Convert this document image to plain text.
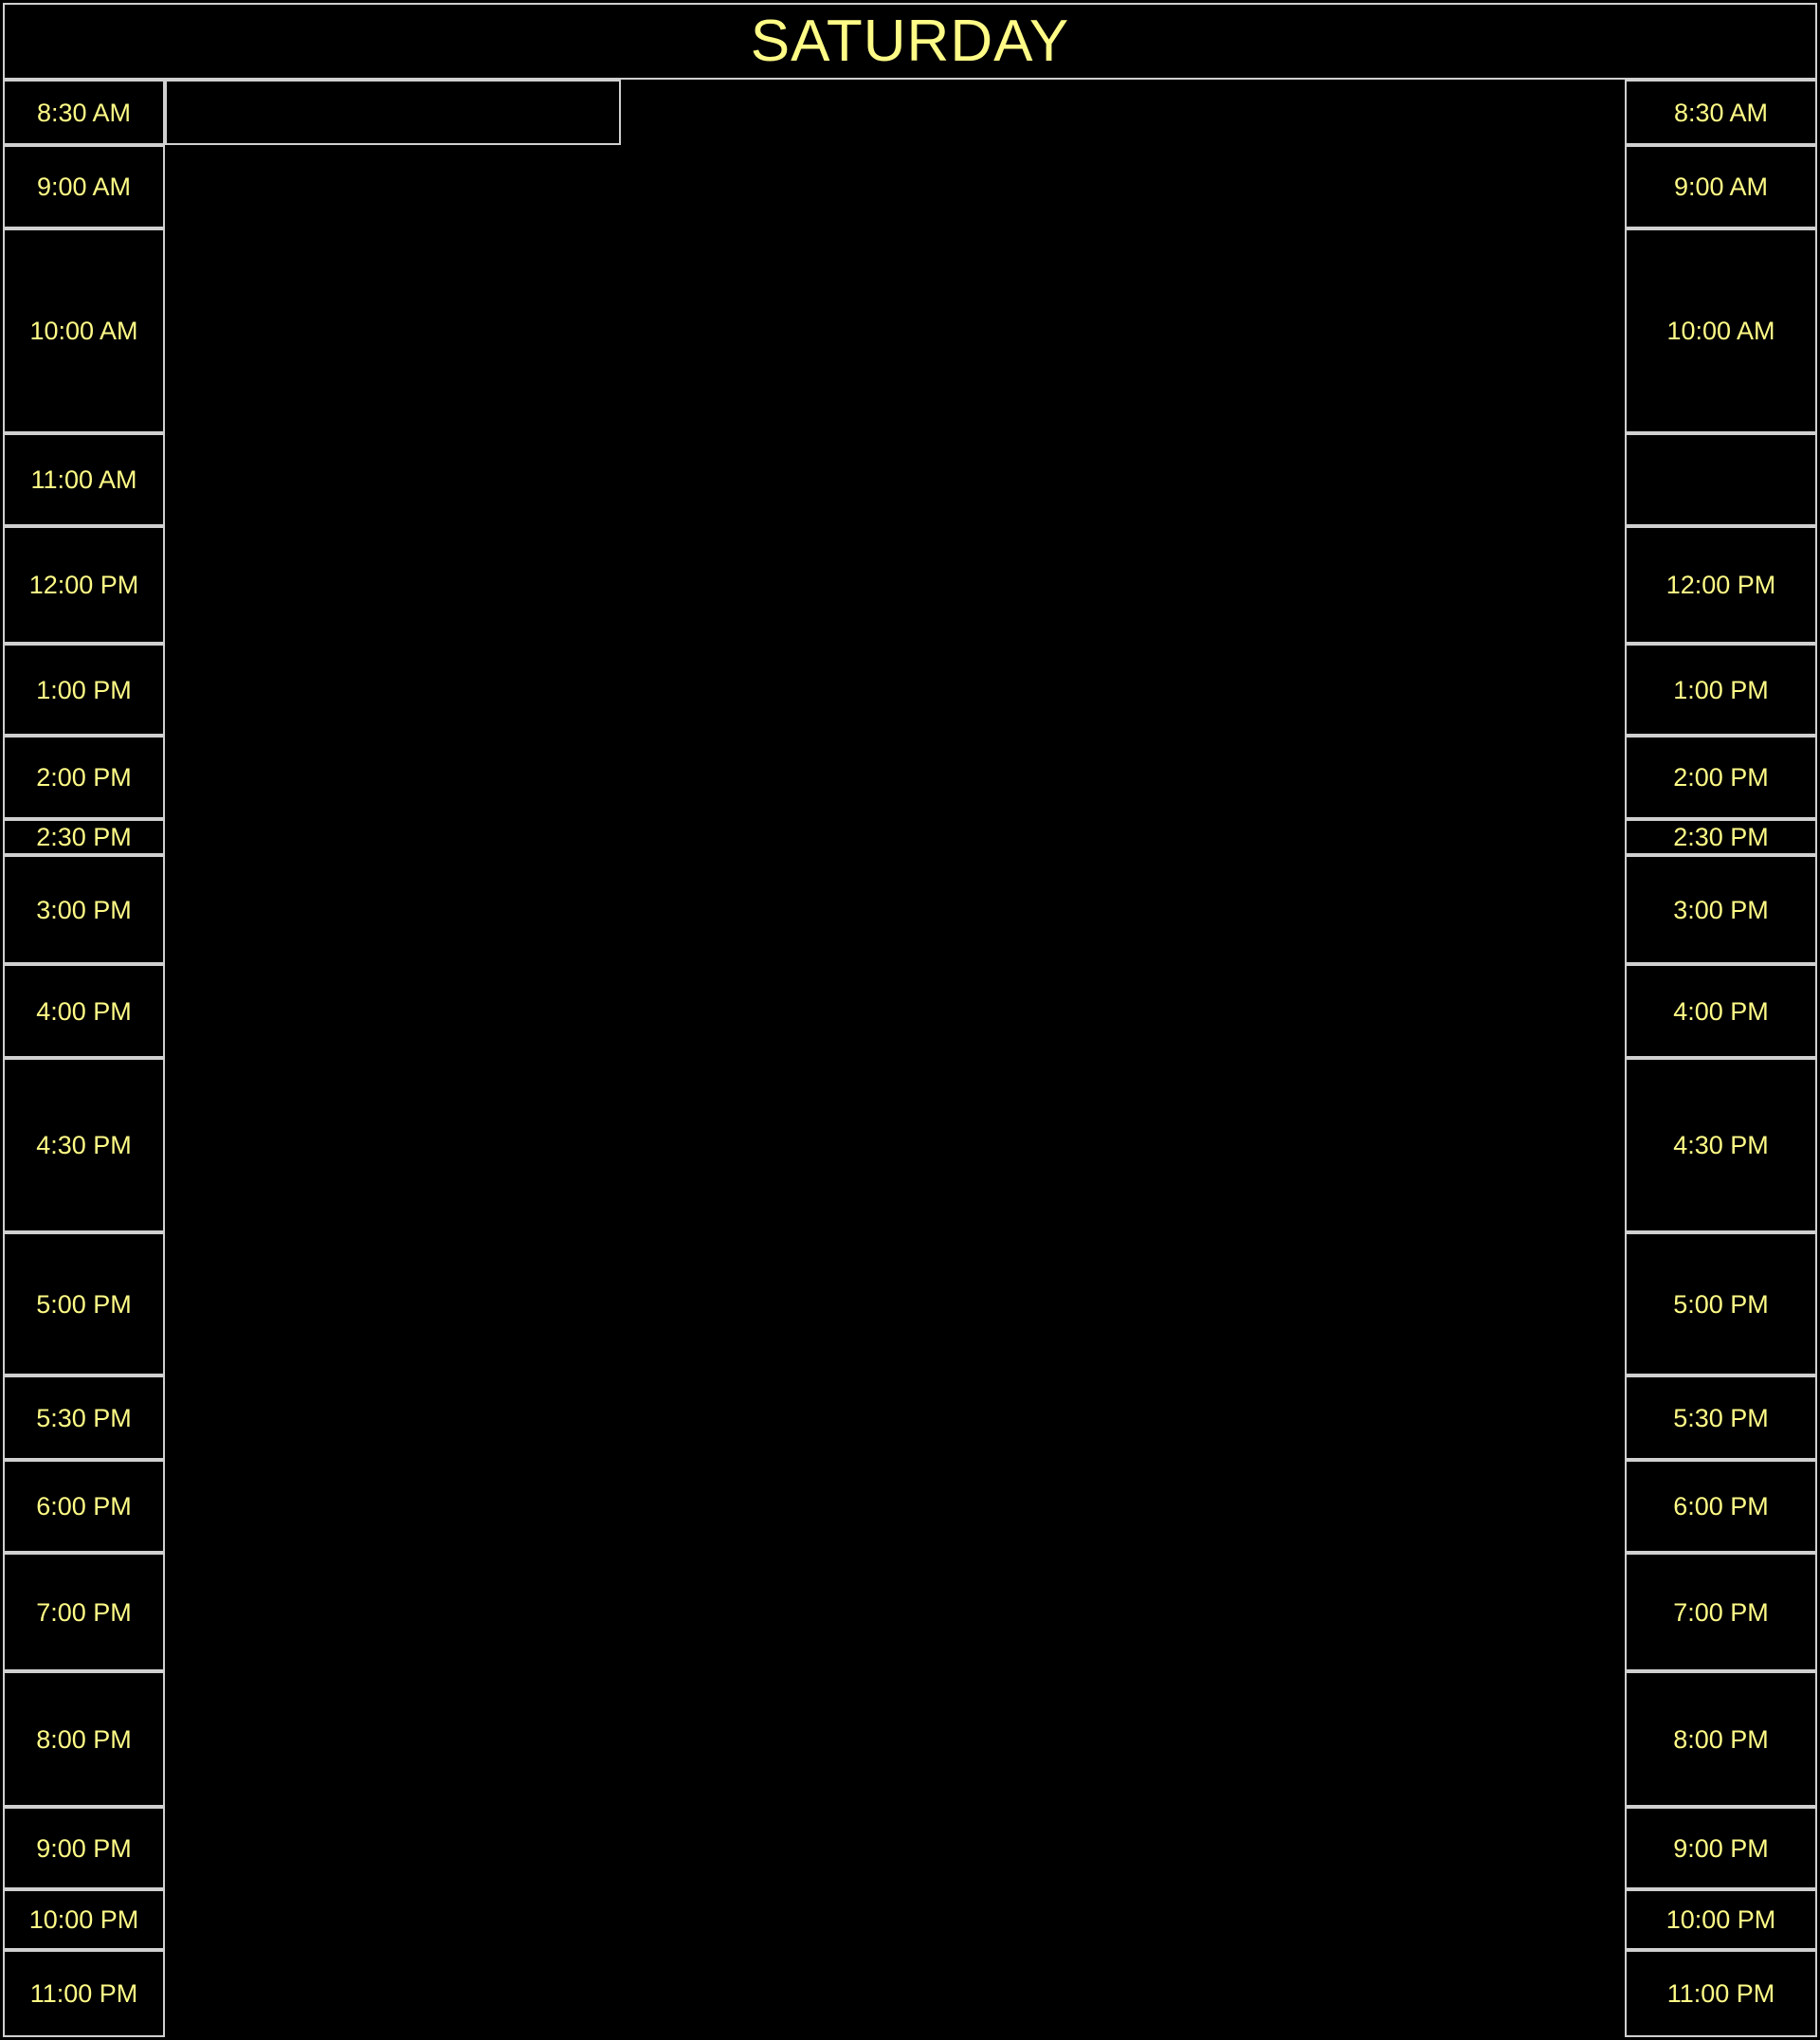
SATURDAY
8:30 AM	8:30 AM
9:00 AM	9:00 AM
10:00 AM	10:00 AM
11:00 AM
12:00 PM	12:00 PM
1:00 PM	1:00 PM
2:00 PM	2:00 PM
2:30 PM	2:30 PM
3:00 PM	3:00 PM
4:00 PM	4:00 PM
4:30 PM	4:30 PM
5:00 PM	5:00 PM
5:30 PM	5:30 PM
6:00 PM	6:00 PM
7:00 PM	7:00 PM
8:00 PM	8:00 PM
9:00 PM	9:00 PM
10:00 PM	10:00 PM
11:00 PM	11:00 PM
